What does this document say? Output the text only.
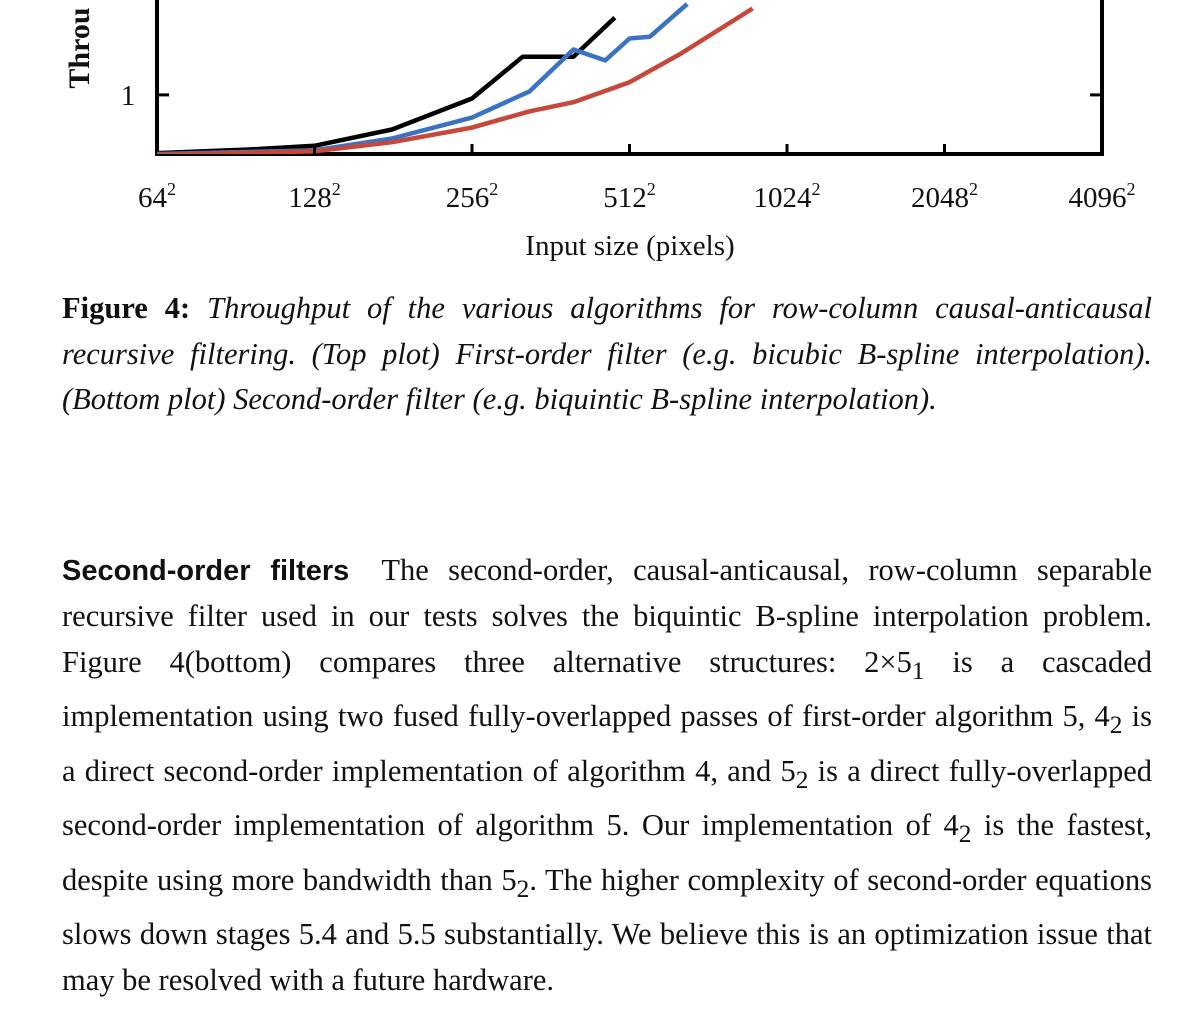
$64^2$	$128^2$	$256^2$	$512^2$	1024$^2$	2048$^2$	4096$^2$
1
Throu
Input size (pixels)

Figure 4: Throughput of the various algorithms for row-column causal-anticausal recursive filtering. (Top plot) First-order filter (e.g. bicubic B-spline interpolation). (Bottom plot) Second-order filter (e.g. biquintic B-spline interpolation).

Second-order filters The second-order, causal-anticausal, row-column separable recursive filter used in our tests solves the biquintic B-spline interpolation problem. Figure 4(bottom) compares three alternative structures: $2\times 5_1$ is a cascaded implementation using two fused fully-overlapped passes of first-order algorithm 5, $4_2$ is a direct second-order implementation of algorithm 4, and $5_2$ is a direct fully-overlapped second-order implementation of algorithm 5. Our implementation of $4_2$ is the fastest, despite using more bandwidth than $5_2$. The higher complexity of second-order equations slows down stages 5.4 and 5.5 substantially. We believe this is an optimization issue that may be resolved with a future hardware.
